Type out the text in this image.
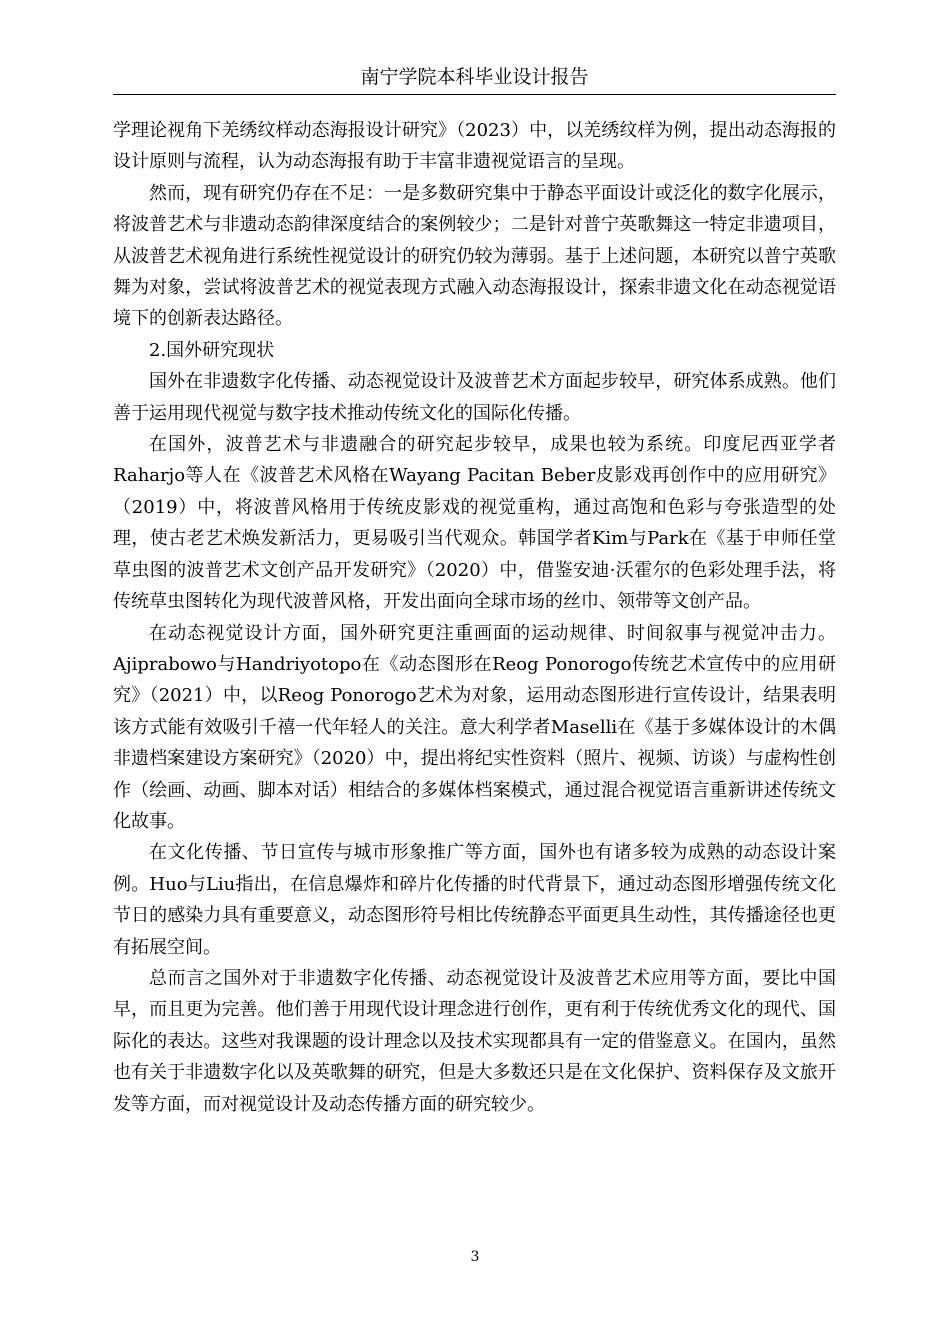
南宁学院本科毕业设计报告

学理论视角下羌绣纹样动态海报设计研究》（2023）中，以羌绣纹样为例，提出动态海报的设计原则与流程，认为动态海报有助于丰富非遗视觉语言的呈现。

然而，现有研究仍存在不足：一是多数研究集中于静态平面设计或泛化的数字化展示，将波普艺术与非遗动态韵律深度结合的案例较少；二是针对普宁英歌舞这一特定非遗项目，从波普艺术视角进行系统性视觉设计的研究仍较为薄弱。基于上述问题，本研究以普宁英歌舞为对象，尝试将波普艺术的视觉表现方式融入动态海报设计，探索非遗文化在动态视觉语境下的创新表达路径。

2.国外研究现状

国外在非遗数字化传播、动态视觉设计及波普艺术方面起步较早，研究体系成熟。他们善于运用现代视觉与数字技术推动传统文化的国际化传播。

在国外，波普艺术与非遗融合的研究起步较早，成果也较为系统。印度尼西亚学者Raharjo等人在《波普艺术风格在Wayang Pacitan Beber皮影戏再创作中的应用研究》（2019）中，将波普风格用于传统皮影戏的视觉重构，通过高饱和色彩与夸张造型的处理，使古老艺术焕发新活力，更易吸引当代观众。韩国学者Kim与Park在《基于申师任堂草虫图的波普艺术文创产品开发研究》（2020）中，借鉴安迪·沃霍尔的色彩处理手法，将传统草虫图转化为现代波普风格，开发出面向全球市场的丝巾、领带等文创产品。

在动态视觉设计方面，国外研究更注重画面的运动规律、时间叙事与视觉冲击力。Ajiprabowo与Handriyotopo在《动态图形在Reog Ponorogo传统艺术宣传中的应用研究》（2021）中，以Reog Ponorogo艺术为对象，运用动态图形进行宣传设计，结果表明该方式能有效吸引千禧一代年轻人的关注。意大利学者Maselli在《基于多媒体设计的木偶非遗档案建设方案研究》（2020）中，提出将纪实性资料（照片、视频、访谈）与虚构性创作（绘画、动画、脚本对话）相结合的多媒体档案模式，通过混合视觉语言重新讲述传统文化故事。

在文化传播、节日宣传与城市形象推广等方面，国外也有诸多较为成熟的动态设计案例。Huo与Liu指出，在信息爆炸和碎片化传播的时代背景下，通过动态图形增强传统文化节日的感染力具有重要意义，动态图形符号相比传统静态平面更具生动性，其传播途径也更有拓展空间。

总而言之国外对于非遗数字化传播、动态视觉设计及波普艺术应用等方面，要比中国早，而且更为完善。他们善于用现代设计理念进行创作，更有利于传统优秀文化的现代、国际化的表达。这些对我课题的设计理念以及技术实现都具有一定的借鉴意义。在国内，虽然也有关于非遗数字化以及英歌舞的研究，但是大多数还只是在文化保护、资料保存及文旅开发等方面，而对视觉设计及动态传播方面的研究较少。

3
